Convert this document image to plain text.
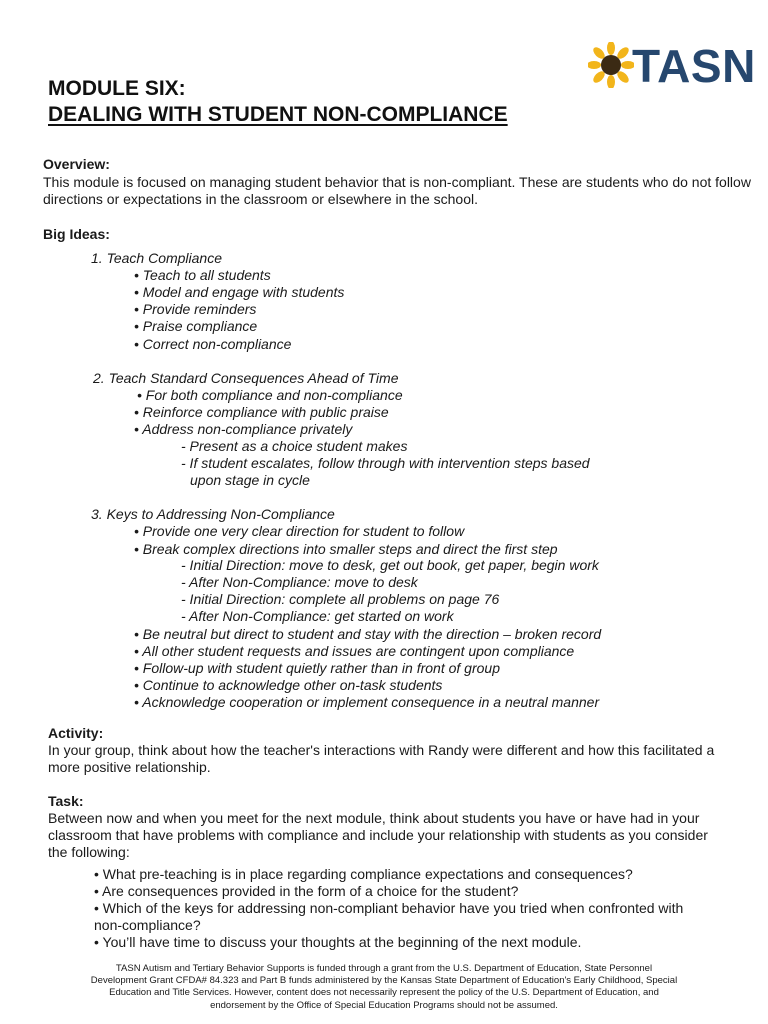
TASN
MODULE SIX:
DEALING WITH STUDENT NON-COMPLIANCE
Overview:
This module is focused on managing student behavior that is non-compliant. These are students who do not follow
directions or expectations in the classroom or elsewhere in the school.
Big Ideas:
1. Teach Compliance
• Teach to all students
• Model and engage with students
• Provide reminders
• Praise compliance
• Correct non-compliance
2. Teach Standard Consequences Ahead of Time
• For both compliance and non-compliance
• Reinforce compliance with public praise
• Address non-compliance privately
- Present as a choice student makes
- If student escalates, follow through with intervention steps based
upon stage in cycle
3. Keys to Addressing Non-Compliance
• Provide one very clear direction for student to follow
• Break complex directions into smaller steps and direct the first step
- Initial Direction: move to desk, get out book, get paper, begin work
- After Non-Compliance: move to desk
- Initial Direction: complete all problems on page 76
- After Non-Compliance: get started on work
• Be neutral but direct to student and stay with the direction – broken record
• All other student requests and issues are contingent upon compliance
• Follow-up with student quietly rather than in front of group
• Continue to acknowledge other on-task students
• Acknowledge cooperation or implement consequence in a neutral manner
Activity:
In your group, think about how the teacher's interactions with Randy were different and how this facilitated a
more positive relationship.
Task:
Between now and when you meet for the next module, think about students you have or have had in your
classroom that have problems with compliance and include your relationship with students as you consider
the following:
• What pre-teaching is in place regarding compliance expectations and consequences?
• Are consequences provided in the form of a choice for the student?
• Which of the keys for addressing non-compliant behavior have you tried when confronted with
non-compliance?
• You’ll have time to discuss your thoughts at the beginning of the next module.
TASN Autism and Tertiary Behavior Supports is funded through a grant from the U.S. Department of Education, State Personnel
Development Grant CFDA# 84.323 and Part B funds administered by the Kansas State Department of Education's Early Childhood, Special
Education and Title Services. However, content does not necessarily represent the policy of the U.S. Department of Education, and
endorsement by the Office of Special Education Programs should not be assumed.
